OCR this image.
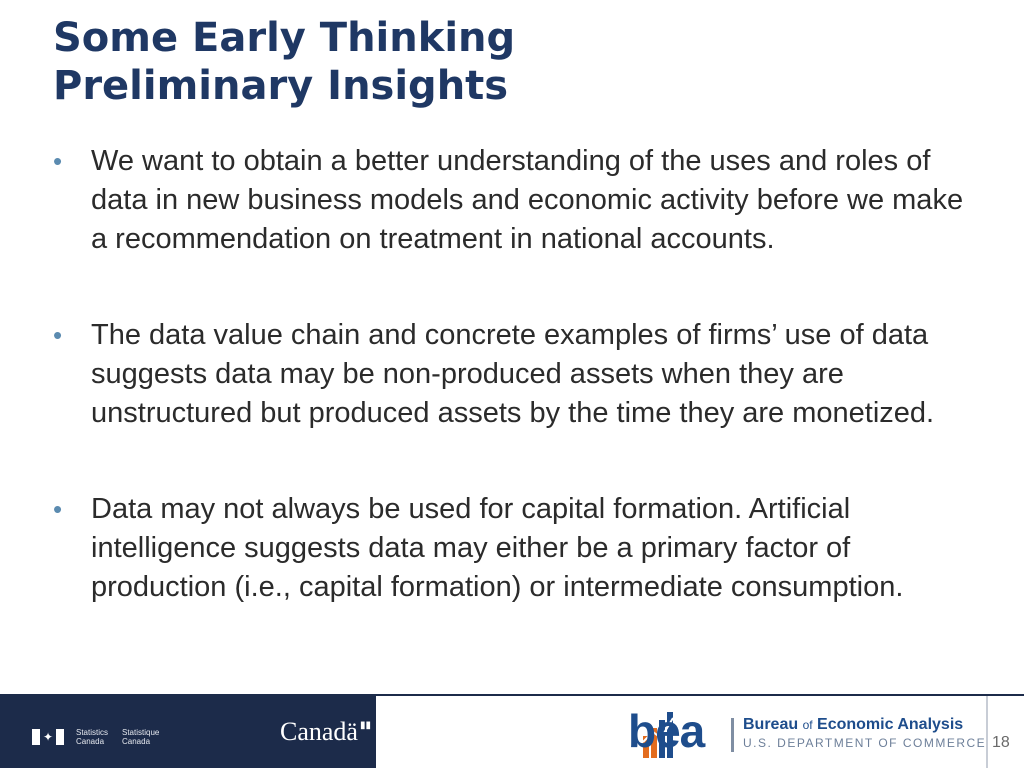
Some Early Thinking
Preliminary Insights

• We want to obtain a better understanding of the uses and roles of data in new business models and economic activity before we make a recommendation on treatment in national accounts.

• The data value chain and concrete examples of firms’ use of data suggests data may be non-produced assets when they are unstructured but produced assets by the time they are monetized.

• Data may not always be used for capital formation. Artificial intelligence suggests data may either be a primary factor of production (i.e., capital formation) or intermediate consumption.

✦	Statistics
Canada
Statistique
Canada	Canadä ▮▮	bea Bureau of Economic Analysis
U.S. DEPARTMENT OF COMMERCE 18
